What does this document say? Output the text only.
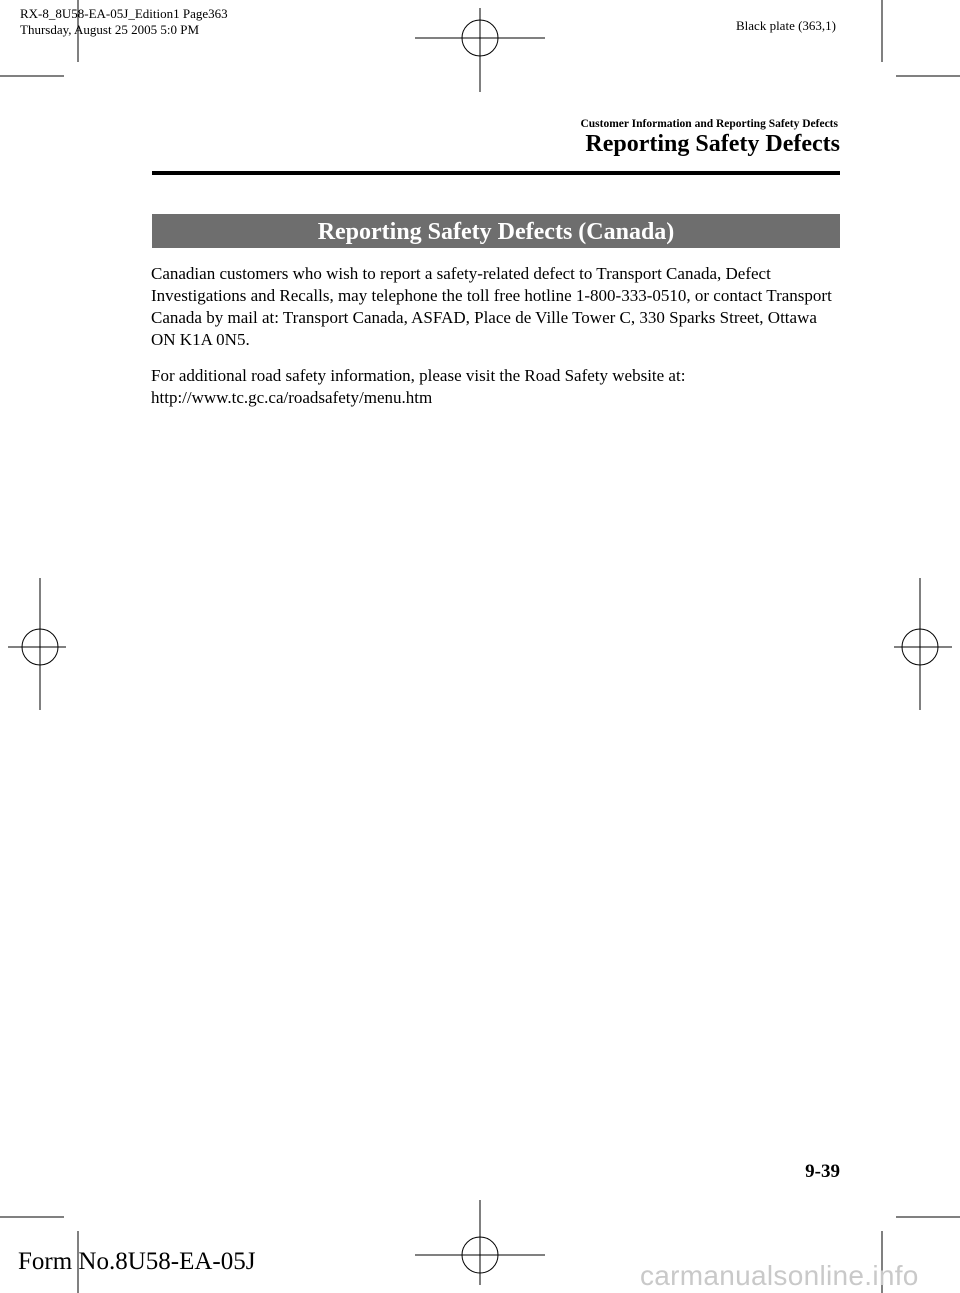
RX-8_8U58-EA-05J_Edition1 Page363
Thursday, August 25 2005 5:0 PM	Black plate (363,1)
Customer Information and Reporting Safety Defects
Reporting Safety Defects
Reporting Safety Defects (Canada)
Canadian customers who wish to report a safety-related defect to Transport Canada, Defect Investigations and Recalls, may telephone the toll free hotline 1-800-333-0510, or contact Transport Canada by mail at: Transport Canada, ASFAD, Place de Ville Tower C, 330 Sparks Street, Ottawa ON K1A 0N5.
For additional road safety information, please visit the Road Safety website at: http://www.tc.gc.ca/roadsafety/menu.htm
9-39
Form No.8U58-EA-05J	carmanualsonline.info
